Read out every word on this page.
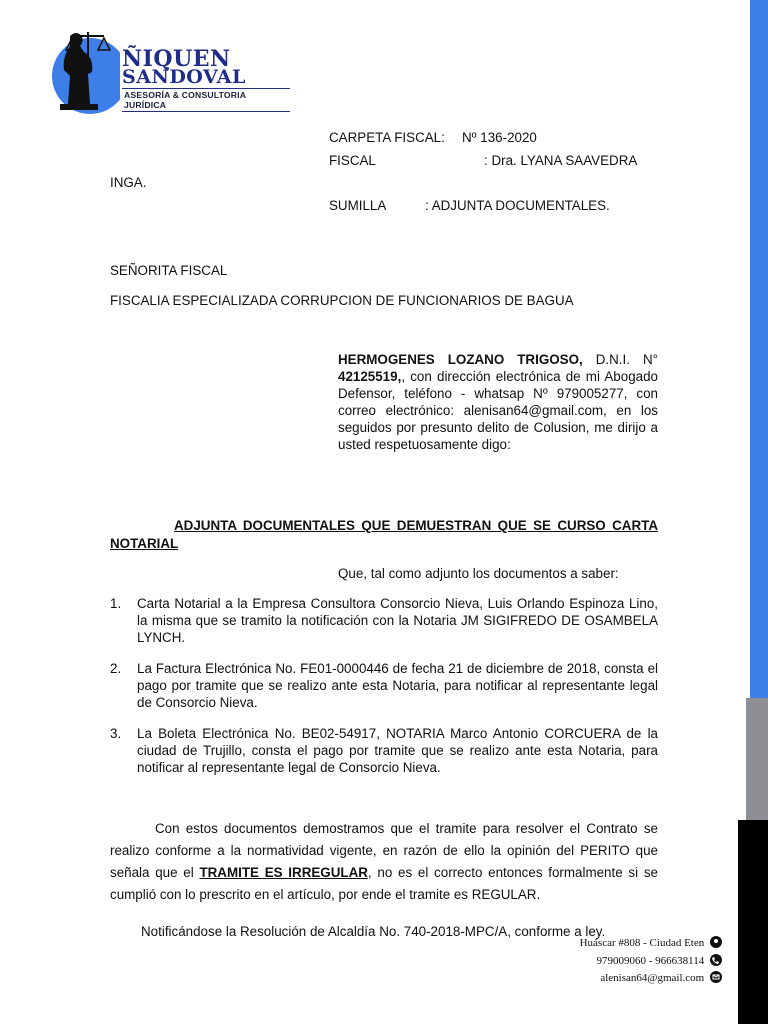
ÑIQUEN
SANDOVAL
ASESORÍA & CONSULTORIA JURÍDICA
CARPETA FISCAL: Nº 136-2020
FISCAL	: Dra. LYANA SAAVEDRA
INGA.
SUMILLA	: ADJUNTA DOCUMENTALES.
SEÑORITA FISCAL
FISCALIA ESPECIALIZADA CORRUPCION DE FUNCIONARIOS DE BAGUA
HERMOGENES LOZANO TRIGOSO, D.N.I. N° 42125519,, con dirección electrónica de mi Abogado Defensor, teléfono - whatsap Nº 979005277, con correo electrónico: alenisan64@gmail.com, en los seguidos por presunto delito de Colusion, me dirijo a usted respetuosamente digo:
ADJUNTA DOCUMENTALES QUE DEMUESTRAN QUE SE CURSO CARTA NOTARIAL
Que, tal como adjunto los documentos a saber:
1. Carta Notarial a la Empresa Consultora Consorcio Nieva, Luis Orlando Espinoza Lino, la misma que se tramito la notificación con la Notaria JM SIGIFREDO DE OSAMBELA LYNCH.
2. La Factura Electrónica No. FE01-0000446 de fecha 21 de diciembre de 2018, consta el pago por tramite que se realizo ante esta Notaria, para notificar al representante legal de Consorcio Nieva.
3. La Boleta Electrónica No. BE02-54917, NOTARIA Marco Antonio CORCUERA de la ciudad de Trujillo, consta el pago por tramite que se realizo ante esta Notaria, para notificar al representante legal de Consorcio Nieva.
Con estos documentos demostramos que el tramite para resolver el Contrato se realizo conforme a la normatividad vigente, en razón de ello la opinión del PERITO que señala que el TRAMITE ES IRREGULAR, no es el correcto entonces formalmente si se cumplió con lo prescrito en el artículo, por ende el tramite es REGULAR.
Notificándose la Resolución de Alcaldía No. 740-2018-MPC/A, conforme a ley.
Huáscar #808 - Ciudad Eten
979009060 - 966638114
alenisan64@gmail.com
